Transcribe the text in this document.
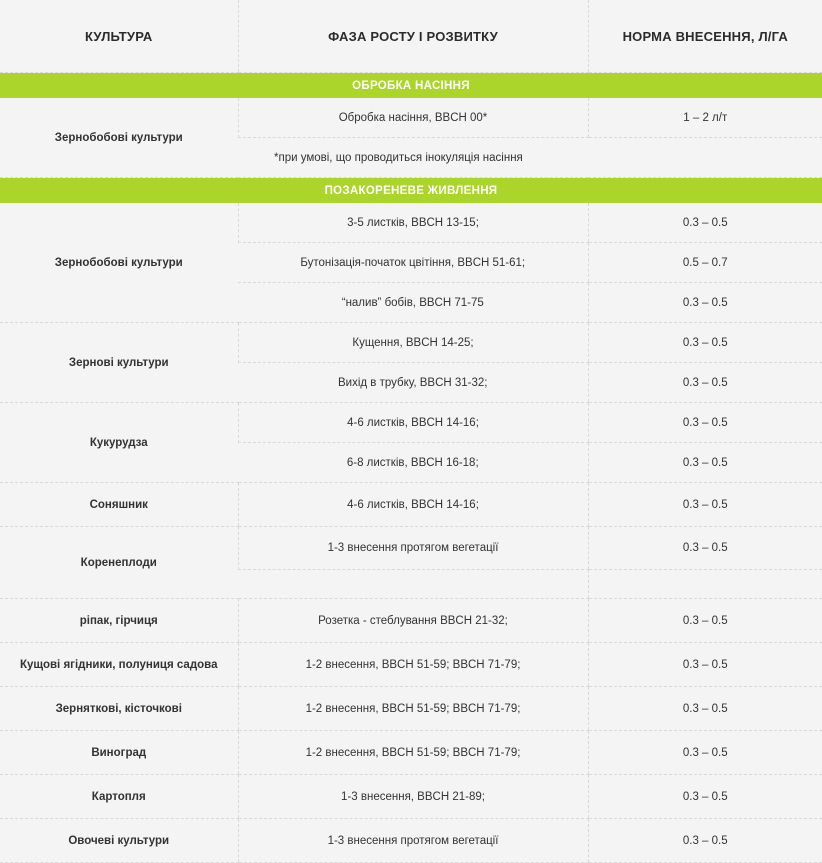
КУЛЬТУРА	ФАЗА РОСТУ І РОЗВИТКУ	НОРМА ВНЕСЕННЯ, Л/ГА
ОБРОБКА НАСІННЯ		
Зернобобові культури	Обробка насіння, BBCH 00*	1 – 2 л/т
	*при умові, що проводиться інокуляція насіння	
ПОЗАКОРЕНЕВЕ ЖИВЛЕННЯ		
Зернобобові культури	3-5 листків, BBCH 13-15;	0.3 – 0.5
	Бутонізація-початок цвітіння, BBCH 51-61;	0.5 – 0.7
	“налив” бобів, BBCH 71-75	0.3 – 0.5
Зернові культури	Кущення, BBCH 14-25;	0.3 – 0.5
	Вихід в трубку, BBCH 31-32;	0.3 – 0.5
Кукурудза	4-6 листків, BBCH 14-16;	0.3 – 0.5
	6-8 листків, BBCH 16-18;	0.3 – 0.5
Соняшник	4-6 листків, BBCH 14-16;	0.3 – 0.5
Коренеплоди	1-3 внесення протягом вегетації	0.3 – 0.5

ріпак, гірчиця	Розетка - стеблування BBCH 21-32;	0.3 – 0.5
Кущові ягідники, полуниця садова	1-2 внесення, BBCH 51-59; BBCH 71-79;	0.3 – 0.5
Зерняткові, кісточкові	1-2 внесення, BBCH 51-59; BBCH 71-79;	0.3 – 0.5
Виноград	1-2 внесення, BBCH 51-59; BBCH 71-79;	0.3 – 0.5
Картопля	1-3 внесення, BBCH 21-89;	0.3 – 0.5
Овочеві культури	1-3 внесення протягом вегетації	0.3 – 0.5
